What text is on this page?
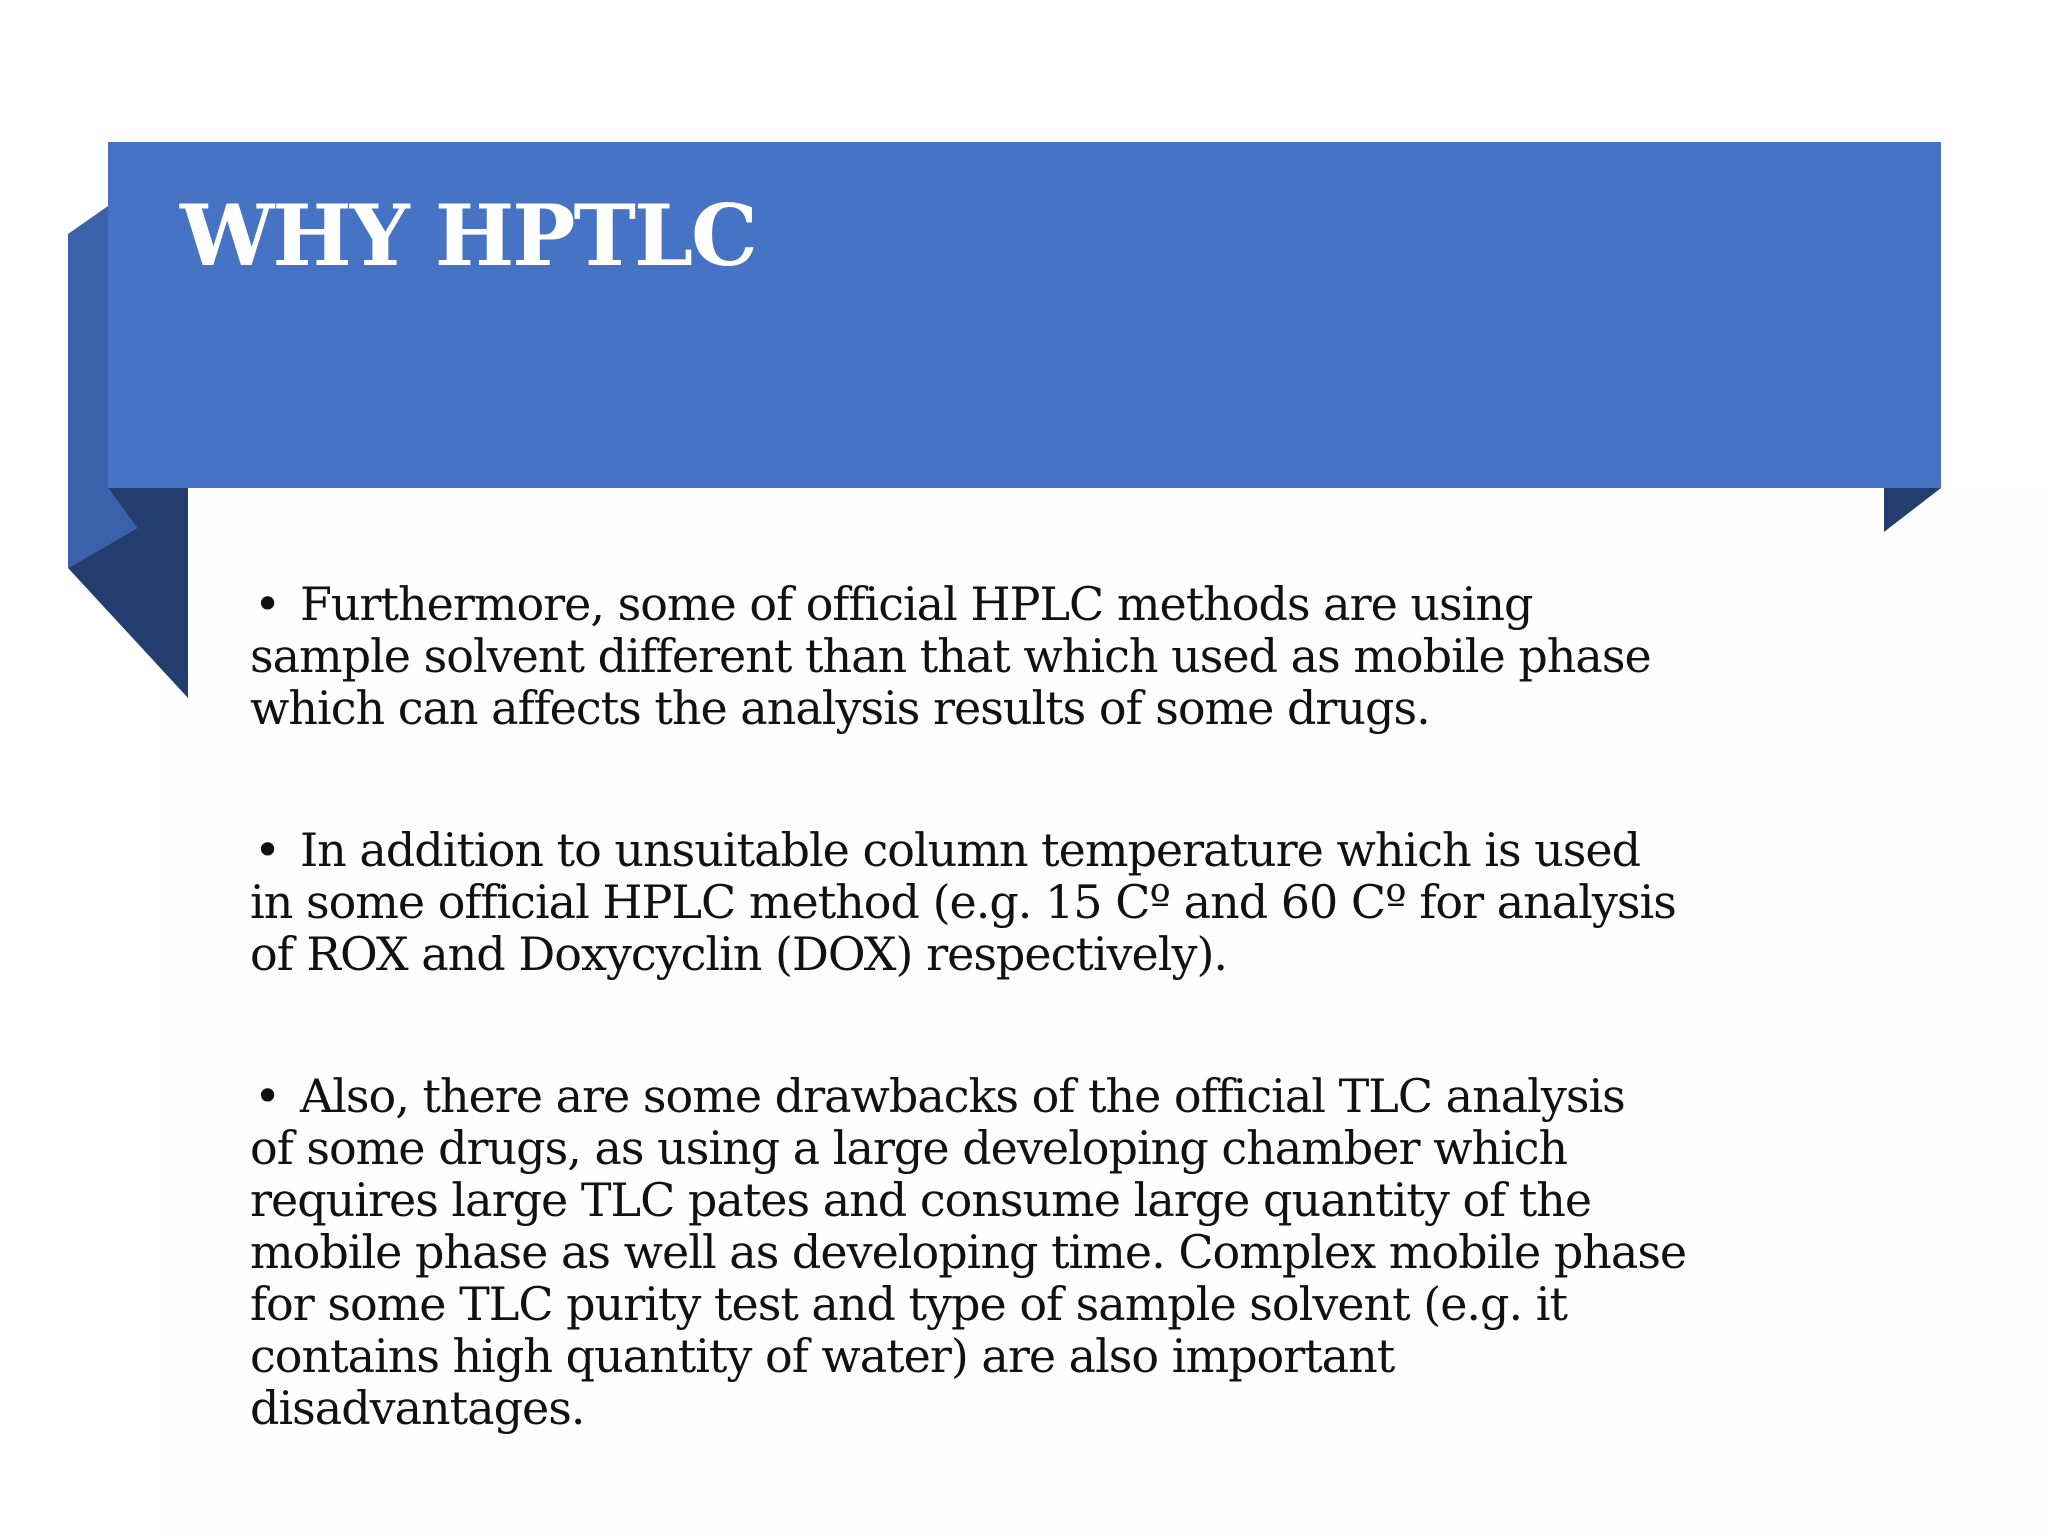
WHY HPTLC

• Furthermore, some of official HPLC methods are using
sample solvent different than that which used as mobile phase
which can affects the analysis results of some drugs.

• In addition to unsuitable column temperature which is used
in some official HPLC method (e.g. 15 Cº and 60 Cº for analysis
of ROX and Doxycyclin (DOX) respectively).

• Also, there are some drawbacks of the official TLC analysis
of some drugs, as using a large developing chamber which
requires large TLC pates and consume large quantity of the
mobile phase as well as developing time. Complex mobile phase
for some TLC purity test and type of sample solvent (e.g. it
contains high quantity of water) are also important
disadvantages.
